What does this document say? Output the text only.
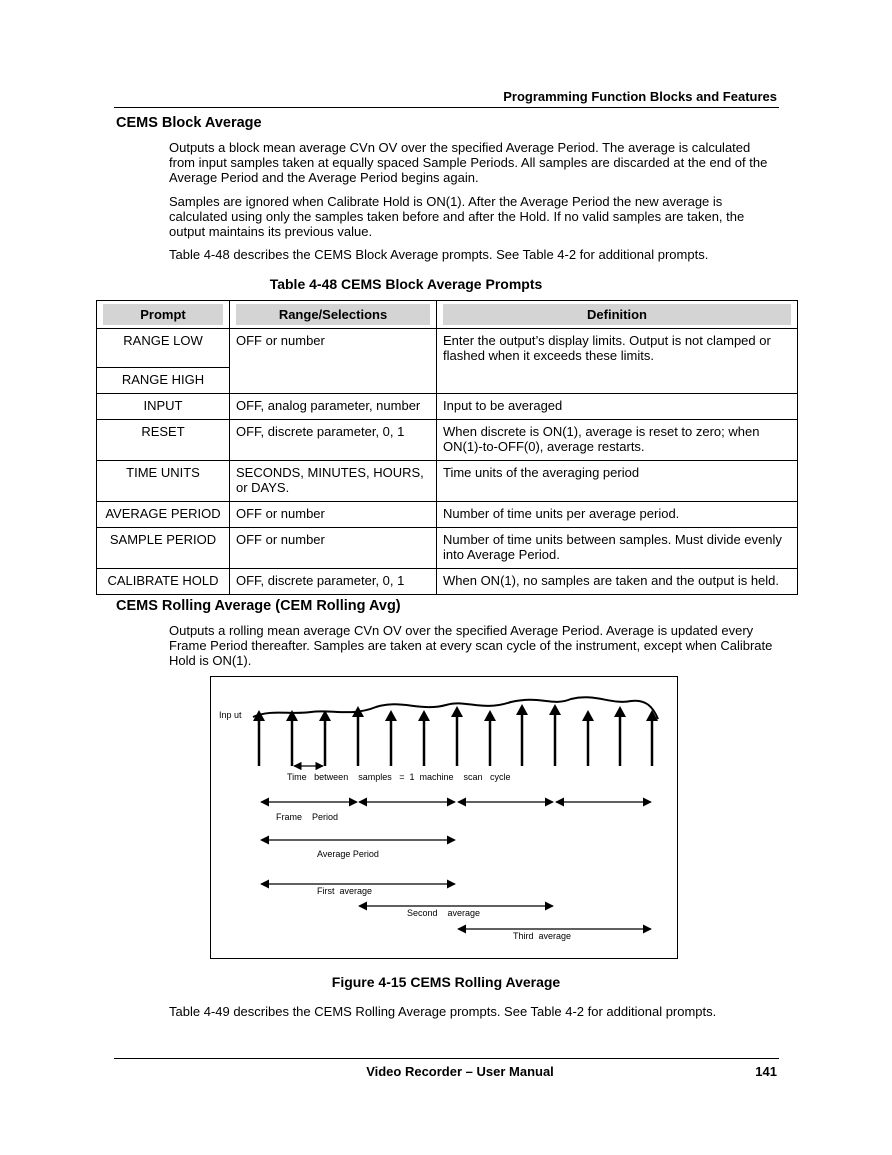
Programming Function Blocks and Features
CEMS Block Average

Outputs a block mean average CVn OV over the specified Average Period. The average is calculated from input samples taken at equally spaced Sample Periods. All samples are discarded at the end of the Average Period and the Average Period begins again.

Samples are ignored when Calibrate Hold is ON(1). After the Average Period the new average is calculated using only the samples taken before and after the Hold. If no valid samples are taken, the output maintains its previous value.

Table 4-48 describes the CEMS Block Average prompts. See Table 4-2 for additional prompts.

Table 4-48 CEMS Block Average Prompts
Prompt	Range/Selections	Definition

RANGE LOW	OFF or number	Enter the output’s display limits. Output is not clamped or flashed when it exceeds these limits.
RANGE HIGH		
INPUT	OFF, analog parameter, number	Input to be averaged
RESET	OFF, discrete parameter, 0, 1	When discrete is ON(1), average is reset to zero; when ON(1)-to-OFF(0), average restarts.
TIME UNITS	SECONDS, MINUTES, HOURS, or DAYS.	Time units of the averaging period
AVERAGE PERIOD	OFF or number	Number of time units per average period.
SAMPLE PERIOD	OFF or number	Number of time units between samples. Must divide evenly into Average Period.
CALIBRATE HOLD	OFF, discrete parameter, 0, 1	When ON(1), no samples are taken and the output is held.
CEMS Rolling Average (CEM Rolling Avg)

Outputs a rolling mean average CVn OV over the specified Average Period. Average is updated every Frame Period thereafter. Samples are taken at every scan cycle of the instrument, except when Calibrate Hold is ON(1).

Inp ut
Time   between    samples   =  1  machine    scan   cycle
Frame    Period
Average Period
First  average
Second    average
Third  average
Figure 4-15 CEMS Rolling Average

Table 4-49 describes the CEMS Rolling Average prompts. See Table 4-2 for additional prompts.

Video Recorder – User Manual	141
